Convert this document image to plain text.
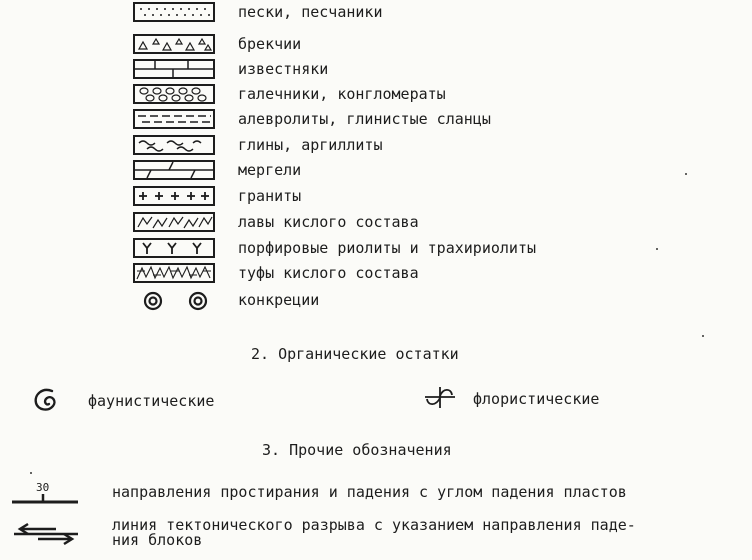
пески, песчаники
брекчии
известняки
галечники, конгломераты
алевролиты, глинистые сланцы
глины, аргиллиты
мергели
граниты
лавы кислого состава
порфировые риолиты и трахириолиты
туфы кислого состава
конкреции
2. Органические остатки
фаунистические	флористические
3. Прочие обозначения
30	направления простирания и падения с углом падения пластов
линия тектонического разрыва с указанием направления паде-
ния блоков
